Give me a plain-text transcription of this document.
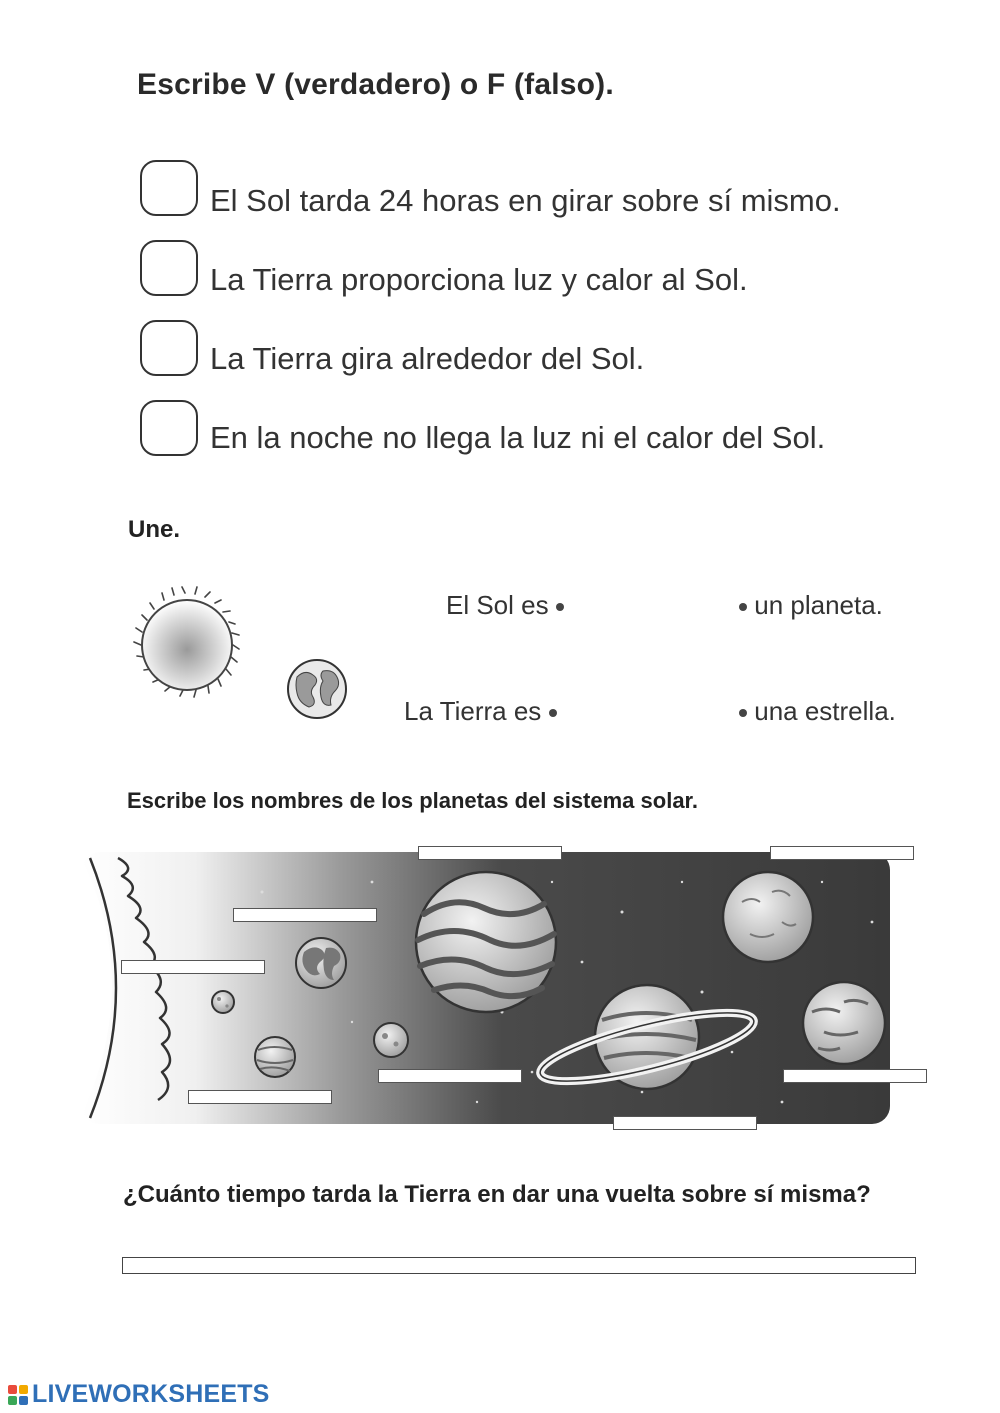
Escribe V (verdadero) o F (falso).
El Sol tarda 24 horas en girar sobre sí mismo.
La Tierra proporciona luz y calor al Sol.
La Tierra gira alrededor del Sol.
En la noche no llega la luz ni el calor del Sol.
Une.
El Sol es
La Tierra es
un planeta.
una estrella.
Escribe los nombres de los planetas del sistema solar.
¿Cuánto tiempo tarda la Tierra en dar una vuelta sobre sí misma?
LIVEWORKSHEETS
